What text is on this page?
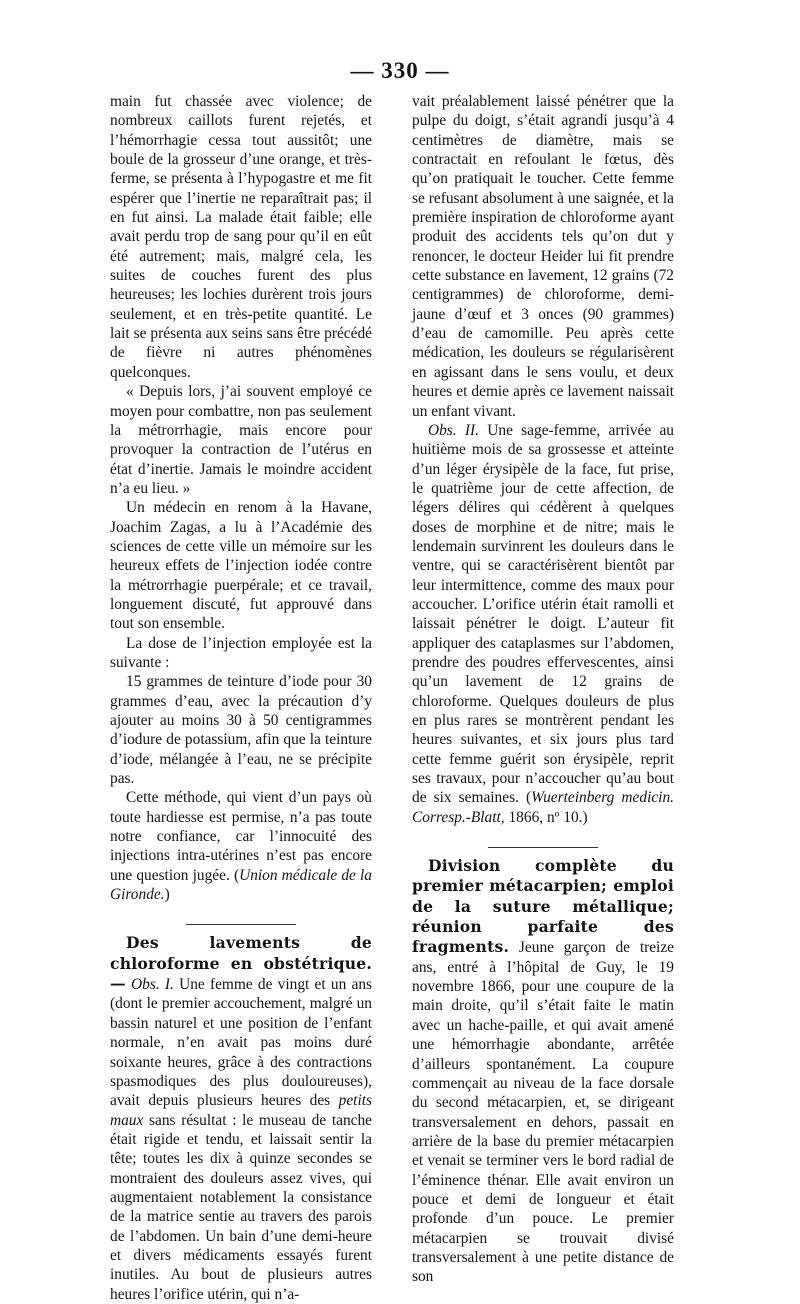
— 330 —

main fut chassée avec violence; de nombreux caillots furent rejetés, et l’hémorrhagie cessa tout aussitôt; une boule de la grosseur d’une orange, et très-ferme, se présenta à l’hypogastre et me fit espérer que l’inertie ne reparaîtrait pas; il en fut ainsi. La malade était faible; elle avait perdu trop de sang pour qu’il en eût été autrement; mais, malgré cela, les suites de couches furent des plus heureuses; les lochies durèrent trois jours seulement, et en très-petite quantité. Le lait se présenta aux seins sans être précédé de fièvre ni autres phénomènes quelconques.

« Depuis lors, j’ai souvent employé ce moyen pour combattre, non pas seulement la métrorrhagie, mais encore pour provoquer la contraction de l’utérus en état d’inertie. Jamais le moindre accident n’a eu lieu. »

Un médecin en renom à la Havane, Joachim Zagas, a lu à l’Académie des sciences de cette ville un mémoire sur les heureux effets de l’injection iodée contre la métrorrhagie puerpérale; et ce travail, longuement discuté, fut approuvé dans tout son ensemble.

La dose de l’injection employée est la suivante :

15 grammes de teinture d’iode pour 30 grammes d’eau, avec la précaution d’y ajouter au moins 30 à 50 centigrammes d’iodure de potassium, afin que la teinture d’iode, mélangée à l’eau, ne se précipite pas.

Cette méthode, qui vient d’un pays où toute hardiesse est permise, n’a pas toute notre confiance, car l’innocuité des injections intra-utérines n’est pas encore une question jugée. (Union médicale de la Gironde.)

Des lavements de chloroforme en obstétrique. — Obs. I. Une femme de vingt et un ans (dont le premier accouchement, malgré un bassin naturel et une position de l’enfant normale, n’en avait pas moins duré soixante heures, grâce à des contractions spasmodiques des plus douloureuses), avait depuis plusieurs heures des petits maux sans résultat : le museau de tanche était rigide et tendu, et laissait sentir la tête; toutes les dix à quinze secondes se montraient des douleurs assez vives, qui augmentaient notablement la consistance de la matrice sentie au travers des parois de l’abdomen. Un bain d’une demi-heure et divers médicaments essayés furent inutiles. Au bout de plusieurs autres heures l’orifice utérin, qui n’a-

vait préalablement laissé pénétrer que la pulpe du doigt, s’était agrandi jusqu’à 4 centimètres de diamètre, mais se contractait en refoulant le fœtus, dès qu’on pratiquait le toucher. Cette femme se refusant absolument à une saignée, et la première inspiration de chloroforme ayant produit des accidents tels qu’on dut y renoncer, le docteur Heider lui fit prendre cette substance en lavement, 12 grains (72 centigrammes) de chloroforme, demi-jaune d’œuf et 3 onces (90 grammes) d’eau de camomille. Peu après cette médication, les douleurs se régularisèrent en agissant dans le sens voulu, et deux heures et demie après ce lavement naissait un enfant vivant.

Obs. II. Une sage-femme, arrivée au huitième mois de sa grossesse et atteinte d’un léger érysipèle de la face, fut prise, le quatrième jour de cette affection, de légers délires qui cédèrent à quelques doses de morphine et de nitre; mais le lendemain survinrent les douleurs dans le ventre, qui se caractérisèrent bientôt par leur intermittence, comme des maux pour accoucher. L’orifice utérin était ramolli et laissait pénétrer le doigt. L’auteur fit appliquer des cataplasmes sur l’abdomen, prendre des poudres effervescentes, ainsi qu’un lavement de 12 grains de chloroforme. Quelques douleurs de plus en plus rares se montrèrent pendant les heures suivantes, et six jours plus tard cette femme guérit son érysipèle, reprit ses travaux, pour n’accoucher qu’au bout de six semaines. (Wuerteinberg medicin. Corresp.-Blatt, 1866, nº 10.)

Division complète du premier métacarpien; emploi de la suture métallique; réunion parfaite des fragments. Jeune garçon de treize ans, entré à l’hôpital de Guy, le 19 novembre 1866, pour une coupure de la main droite, qu’il s’était faite le matin avec un hache-paille, et qui avait amené une hémorrhagie abondante, arrêtée d’ailleurs spontanément. La coupure commençait au niveau de la face dorsale du second métacarpien, et, se dirigeant transversalement en dehors, passait en arrière de la base du premier métacarpien et venait se terminer vers le bord radial de l’éminence thénar. Elle avait environ un pouce et demi de longueur et était profonde d’un pouce. Le premier métacarpien se trouvait divisé transversalement à une petite distance de son
